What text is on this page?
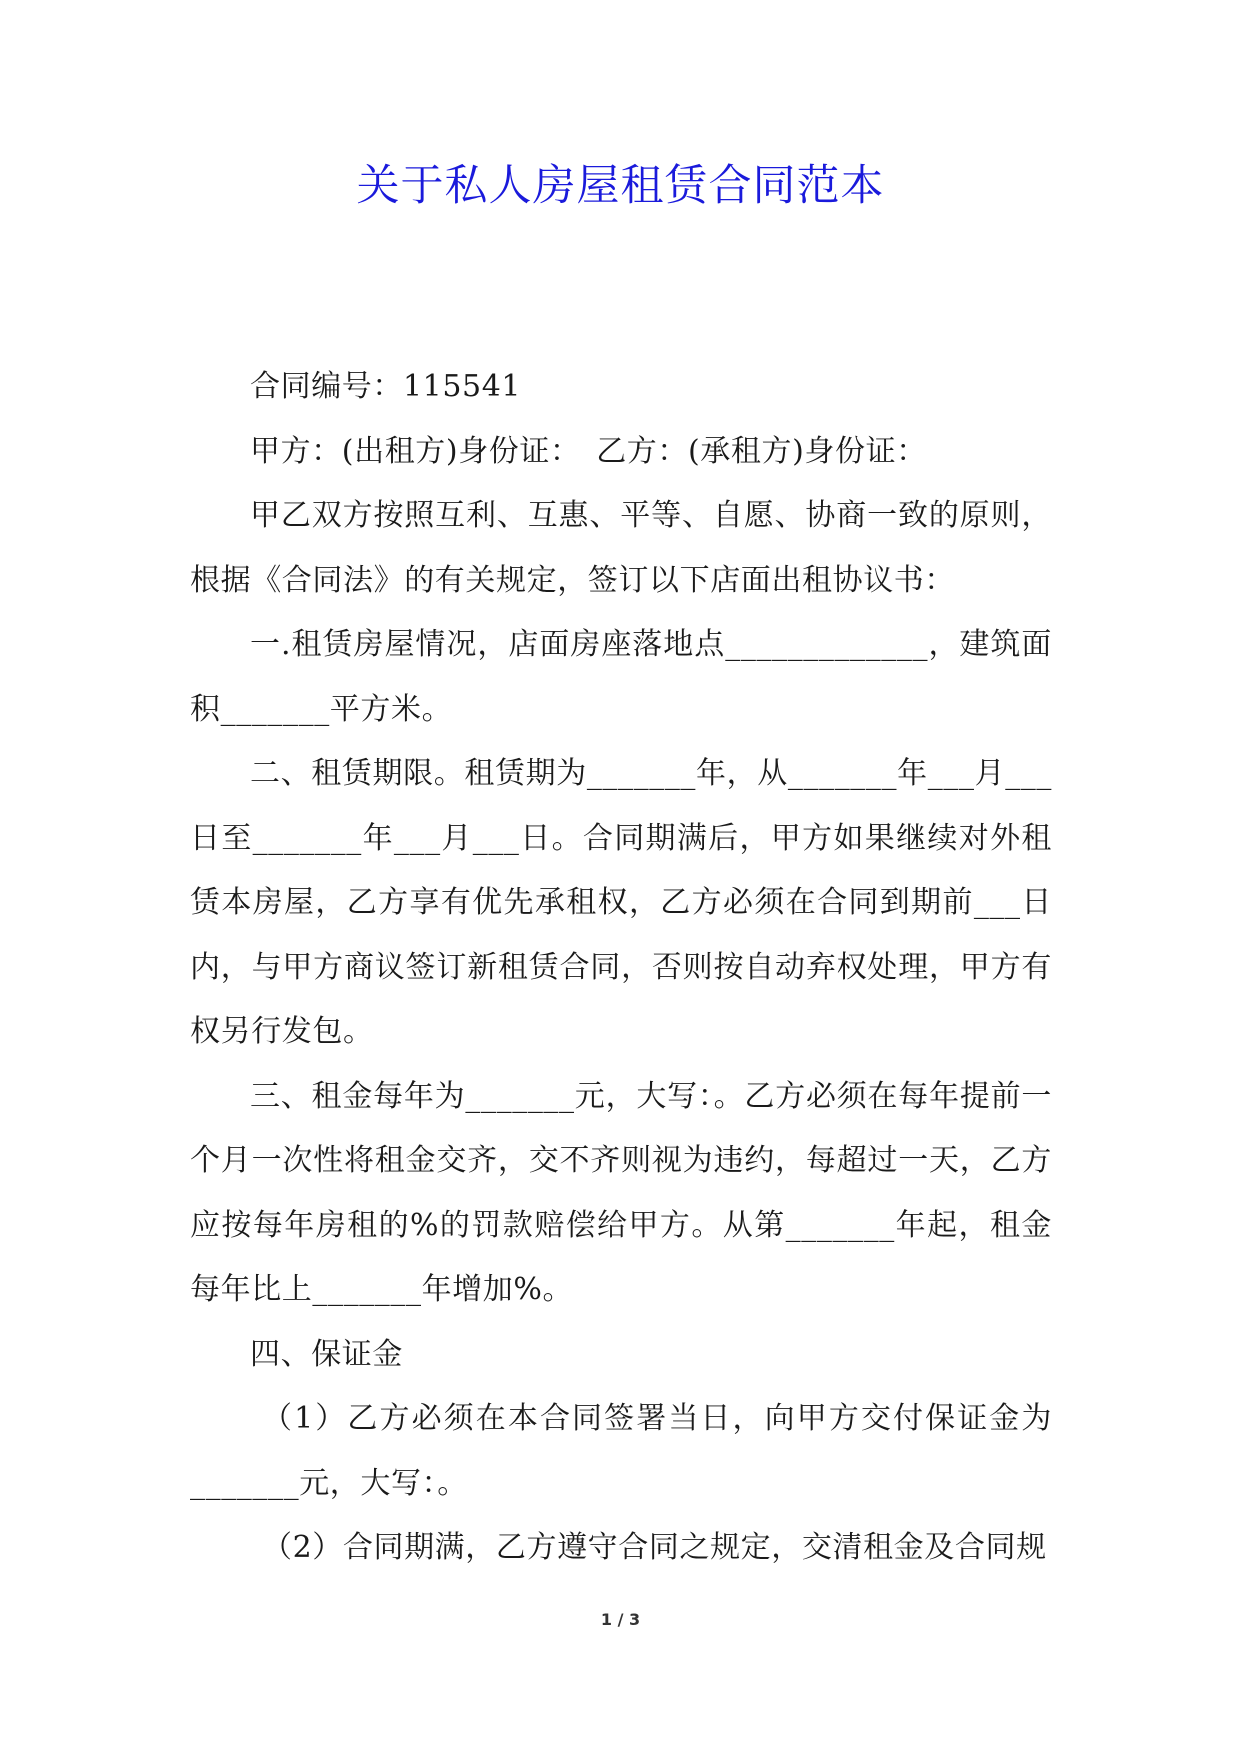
关于私人房屋租赁合同范本

合同编号：115541

甲方：(出租方)身份证：　乙方：(承租方)身份证：

甲乙双方按照互利、互惠、平等、自愿、协商一致的原则，根据《合同法》的有关规定，签订以下店面出租协议书：

一.租赁房屋情况，店面房座落地点_____________，建筑面积_______平方米。

二、租赁期限。租赁期为_______年，从_______年___月___日至_______年___月___日。合同期满后，甲方如果继续对外租赁本房屋，乙方享有优先承租权，乙方必须在合同到期前___日内，与甲方商议签订新租赁合同，否则按自动弃权处理，甲方有权另行发包。

三、租金每年为_______元，大写：。乙方必须在每年提前一个月一次性将租金交齐，交不齐则视为违约，每超过一天，乙方应按每年房租的%的罚款赔偿给甲方。从第_______年起，租金每年比上_______年增加%。

四、保证金

（1）乙方必须在本合同签署当日，向甲方交付保证金为_______元，大写：。

（2）合同期满，乙方遵守合同之规定，交清租金及合同规

1 / 3
